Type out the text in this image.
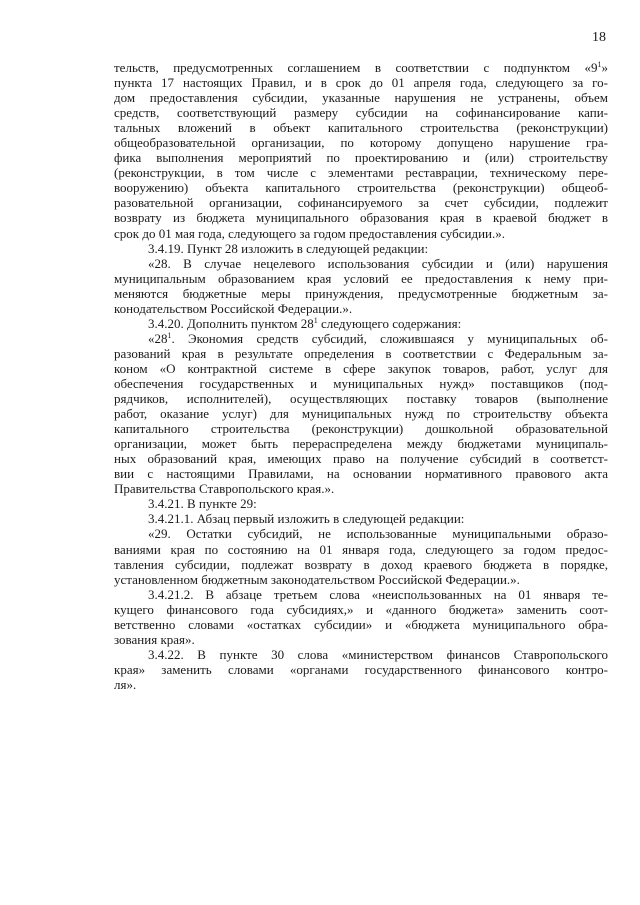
18
тельств, предусмотренных соглашением в соответствии с подпунктом «$9^1$»
пункта 17 настоящих Правил, и в срок до 01 апреля года, следующего за го-
дом предоставления субсидии, указанные нарушения не устранены, объем
средств, соответствующий размеру субсидии на софинансирование капи-
тальных вложений в объект капитального строительства (реконструкции)
общеобразовательной организации, по которому допущено нарушение гра-
фика выполнения мероприятий по проектированию и (или) строительству
(реконструкции, в том числе с элементами реставрации, техническому пере-
вооружению) объекта капитального строительства (реконструкции) общеоб-
разовательной организации, софинансируемого за счет субсидии, подлежит
возврату из бюджета муниципального образования края в краевой бюджет в
срок до 01 мая года, следующего за годом предоставления субсидии.».
3.4.19. Пункт 28 изложить в следующей редакции:
«28. В случае нецелевого использования субсидии и (или) нарушения
муниципальным образованием края условий ее предоставления к нему при-
меняются бюджетные меры принуждения, предусмотренные бюджетным за-
конодательством Российской Федерации.».
3.4.20. Дополнить пунктом $28^1$ следующего содержания:
«$28^1$. Экономия средств субсидий, сложившаяся у муниципальных об-
разований края в результате определения в соответствии с Федеральным за-
коном «О контрактной системе в сфере закупок товаров, работ, услуг для
обеспечения государственных и муниципальных нужд» поставщиков (под-
рядчиков, исполнителей), осуществляющих поставку товаров (выполнение
работ, оказание услуг) для муниципальных нужд по строительству объекта
капитального строительства (реконструкции) дошкольной образовательной
организации, может быть перераспределена между бюджетами муниципаль-
ных образований края, имеющих право на получение субсидий в соответст-
вии с настоящими Правилами, на основании нормативного правового акта
Правительства Ставропольского края.».
3.4.21. В пункте 29:
3.4.21.1. Абзац первый изложить в следующей редакции:
«29. Остатки субсидий, не использованные муниципальными образо-
ваниями края по состоянию на 01 января года, следующего за годом предос-
тавления субсидии, подлежат возврату в доход краевого бюджета в порядке,
установленном бюджетным законодательством Российской Федерации.».
3.4.21.2. В абзаце третьем слова «неиспользованных на 01 января те-
кущего финансового года субсидиях,» и «данного бюджета» заменить соот-
ветственно словами «остатках субсидии» и «бюджета муниципального обра-
зования края».
3.4.22. В пункте 30 слова «министерством финансов Ставропольского
края» заменить словами «органами государственного финансового контро-
ля».
